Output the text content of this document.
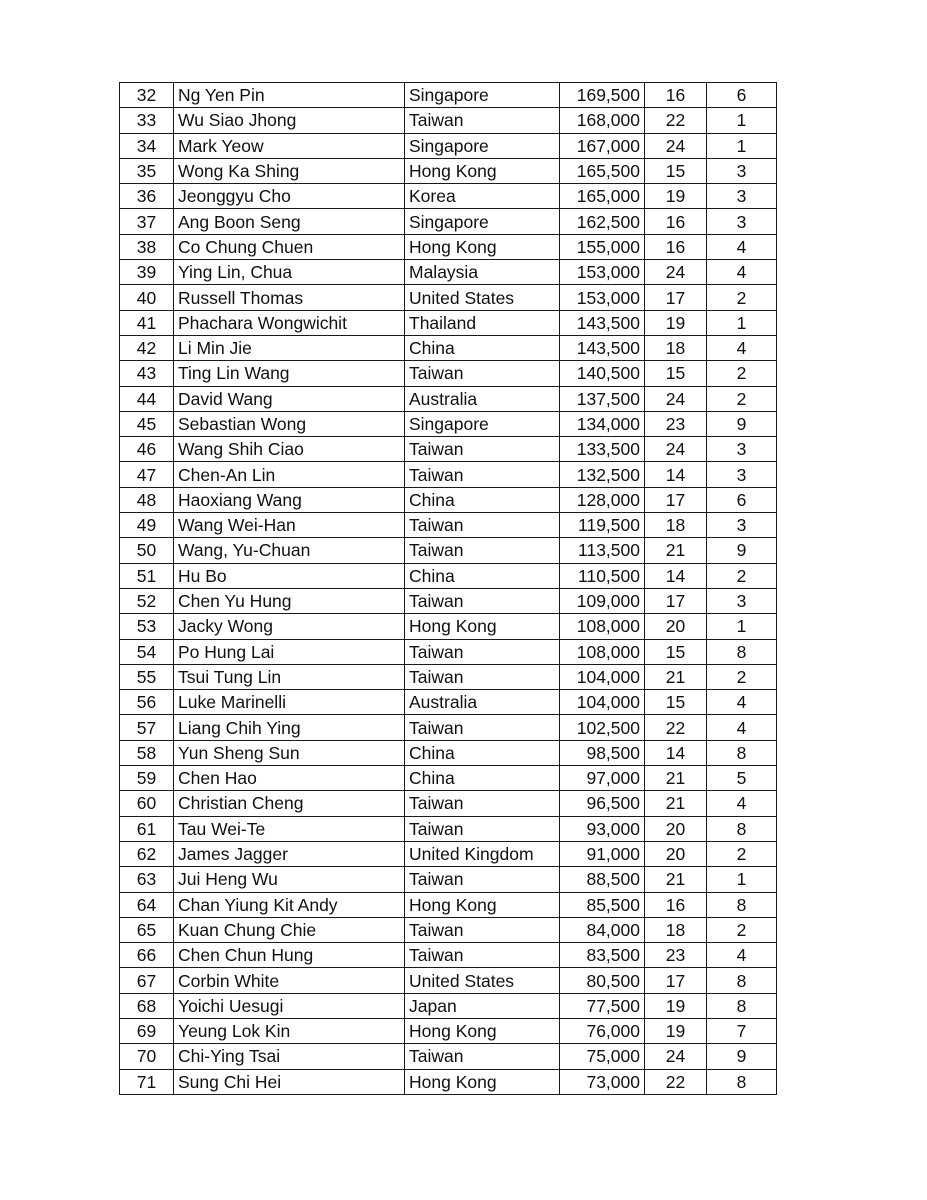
32	Ng Yen Pin	Singapore	169,500	16	6
33	Wu Siao Jhong	Taiwan	168,000	22	1
34	Mark Yeow	Singapore	167,000	24	1
35	Wong Ka Shing	Hong Kong	165,500	15	3
36	Jeonggyu Cho	Korea	165,000	19	3
37	Ang Boon Seng	Singapore	162,500	16	3
38	Co Chung Chuen	Hong Kong	155,000	16	4
39	Ying Lin, Chua	Malaysia	153,000	24	4
40	Russell Thomas	United States	153,000	17	2
41	Phachara Wongwichit	Thailand	143,500	19	1
42	Li Min Jie	China	143,500	18	4
43	Ting Lin Wang	Taiwan	140,500	15	2
44	David Wang	Australia	137,500	24	2
45	Sebastian Wong	Singapore	134,000	23	9
46	Wang Shih Ciao	Taiwan	133,500	24	3
47	Chen-An Lin	Taiwan	132,500	14	3
48	Haoxiang Wang	China	128,000	17	6
49	Wang Wei-Han	Taiwan	119,500	18	3
50	Wang, Yu-Chuan	Taiwan	113,500	21	9
51	Hu Bo	China	110,500	14	2
52	Chen Yu Hung	Taiwan	109,000	17	3
53	Jacky Wong	Hong Kong	108,000	20	1
54	Po Hung Lai	Taiwan	108,000	15	8
55	Tsui Tung Lin	Taiwan	104,000	21	2
56	Luke Marinelli	Australia	104,000	15	4
57	Liang Chih Ying	Taiwan	102,500	22	4
58	Yun Sheng Sun	China	98,500	14	8
59	Chen Hao	China	97,000	21	5
60	Christian Cheng	Taiwan	96,500	21	4
61	Tau Wei-Te	Taiwan	93,000	20	8
62	James Jagger	United Kingdom	91,000	20	2
63	Jui Heng Wu	Taiwan	88,500	21	1
64	Chan Yiung Kit Andy	Hong Kong	85,500	16	8
65	Kuan Chung Chie	Taiwan	84,000	18	2
66	Chen Chun Hung	Taiwan	83,500	23	4
67	Corbin White	United States	80,500	17	8
68	Yoichi Uesugi	Japan	77,500	19	8
69	Yeung Lok Kin	Hong Kong	76,000	19	7
70	Chi-Ying Tsai	Taiwan	75,000	24	9
71	Sung Chi Hei	Hong Kong	73,000	22	8
